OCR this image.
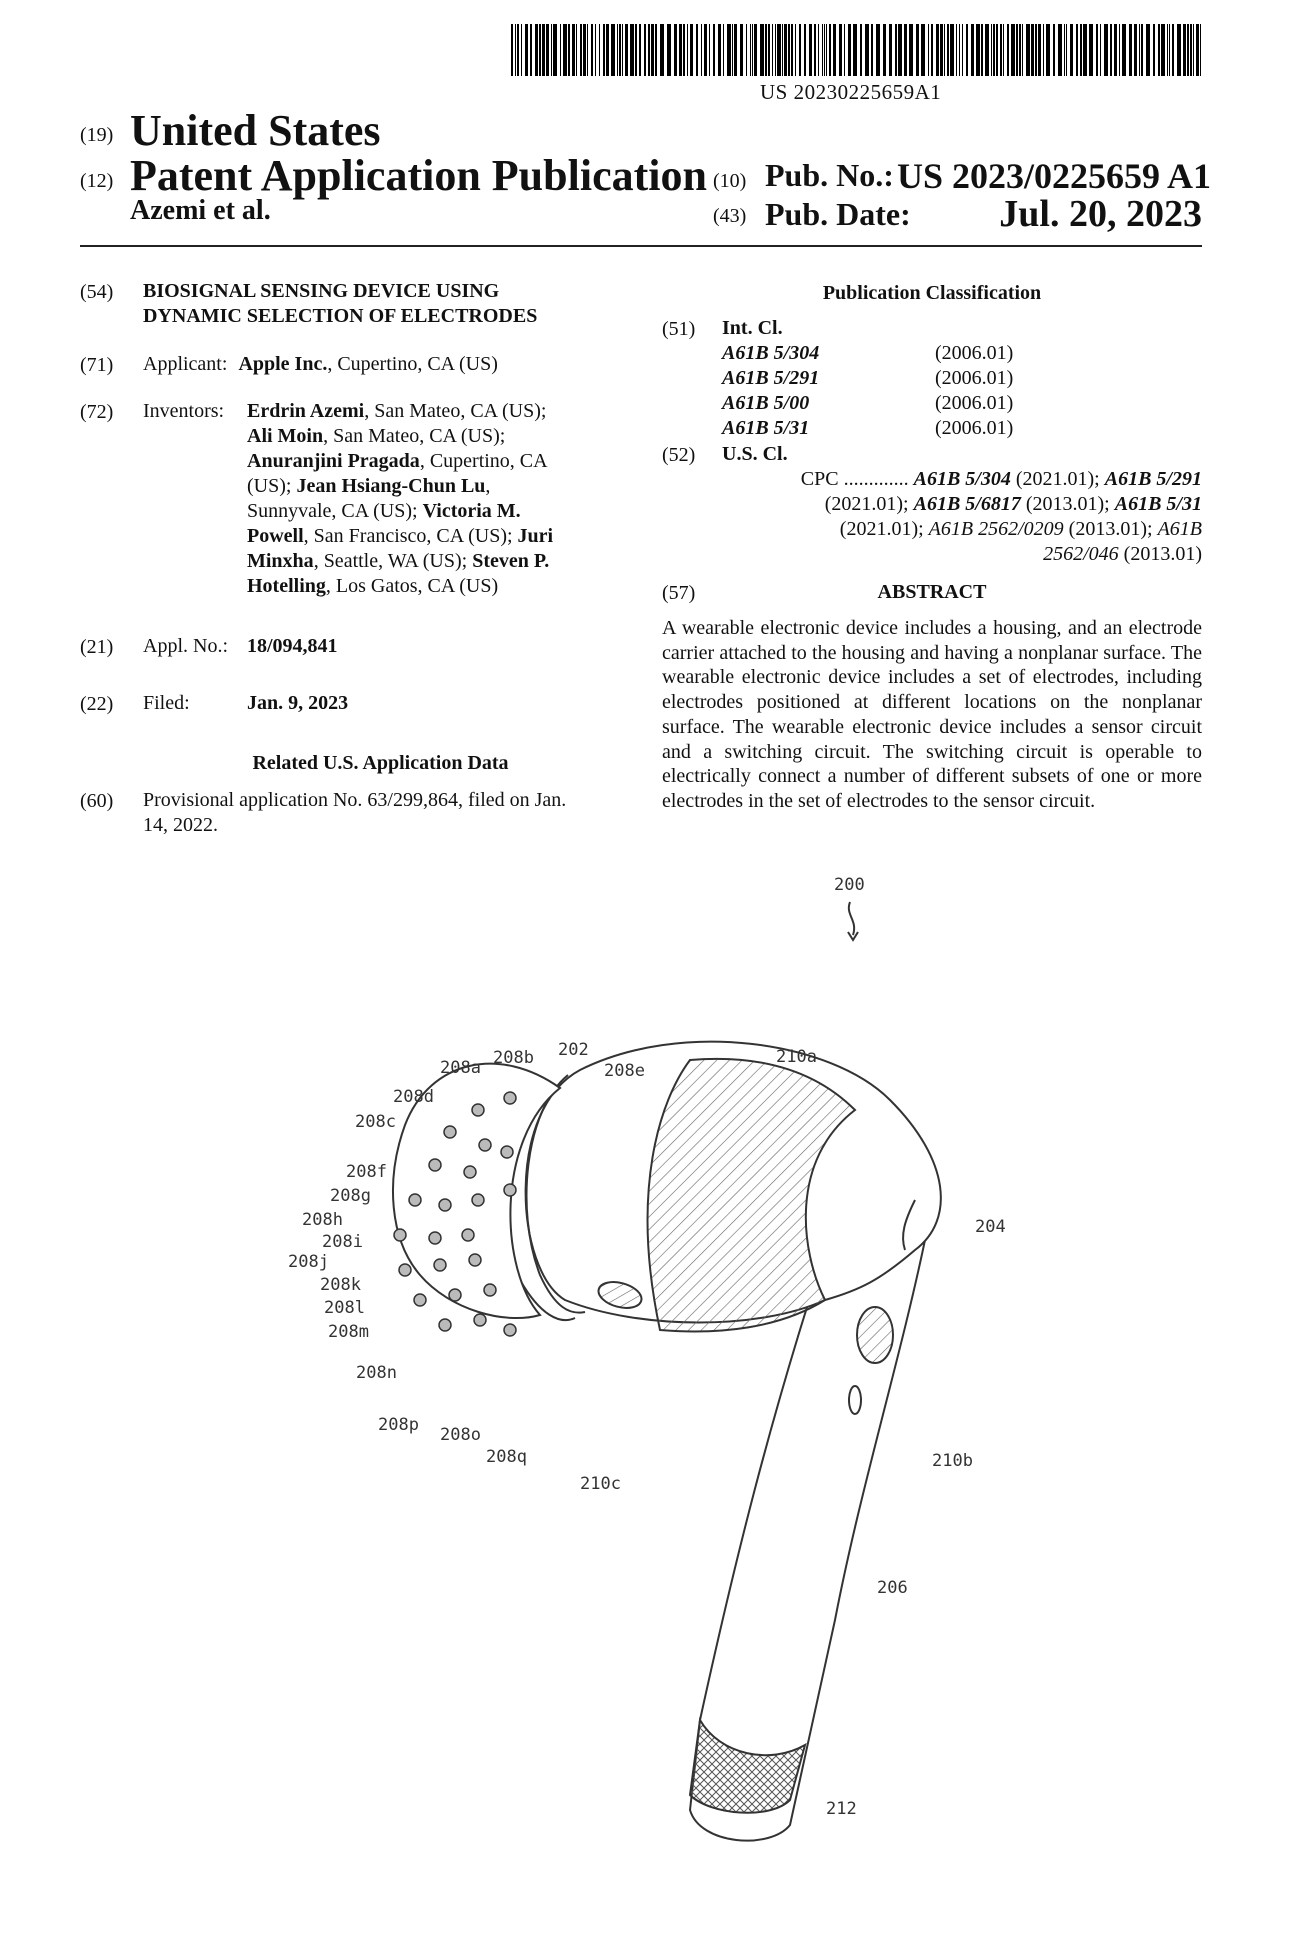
US 20230225659A1
(19) United States
(12) Patent Application Publication
Azemi et al.
(10) Pub. No.: US 2023/0225659 A1
(43) Pub. Date: Jul. 20, 2023
(54) BIOSIGNAL SENSING DEVICE USING
DYNAMIC SELECTION OF ELECTRODES
(71) Applicant: Apple Inc., Cupertino, CA (US)
(72) Inventors: Erdrin Azemi, San Mateo, CA (US);
Ali Moin, San Mateo, CA (US);
Anuranjini Pragada, Cupertino, CA
(US); Jean Hsiang-Chun Lu,
Sunnyvale, CA (US); Victoria M.
Powell, San Francisco, CA (US); Juri
Minxha, Seattle, WA (US); Steven P.
Hotelling, Los Gatos, CA (US)
(21) Appl. No.: 18/094,841
(22) Filed:	Jan. 9, 2023
Related U.S. Application Data
(60) Provisional application No. 63/299,864, filed on Jan.
14, 2022.
Publication Classification
(51) Int. Cl.
A61B 5/304	(2006.01)
A61B 5/291	(2006.01)
A61B 5/00	(2006.01)
A61B 5/31	(2006.01)
(52) U.S. Cl.
CPC ............. A61B 5/304 (2021.01); A61B 5/291
(2021.01); A61B 5/6817 (2013.01); A61B 5/31
(2021.01); A61B 2562/0209 (2013.01); A61B
2562/046 (2013.01)
(57)	ABSTRACT
A wearable electronic device includes a housing, and an electrode carrier attached to the housing and having a nonplanar surface. The wearable electronic device includes a set of electrodes, including electrodes positioned at different locations on the nonplanar surface. The wearable electronic device includes a sensor circuit and a switching circuit. The switching circuit is operable to electrically connect a number of different subsets of one or more electrodes in the set of electrodes to the sensor circuit.
202
204
206
208a 208b
208c
208d
208e
208f
208g
208h
208i
208j
208k
208l
208m
208n
208o
208p
208q
210a
210b
210c
212
200
